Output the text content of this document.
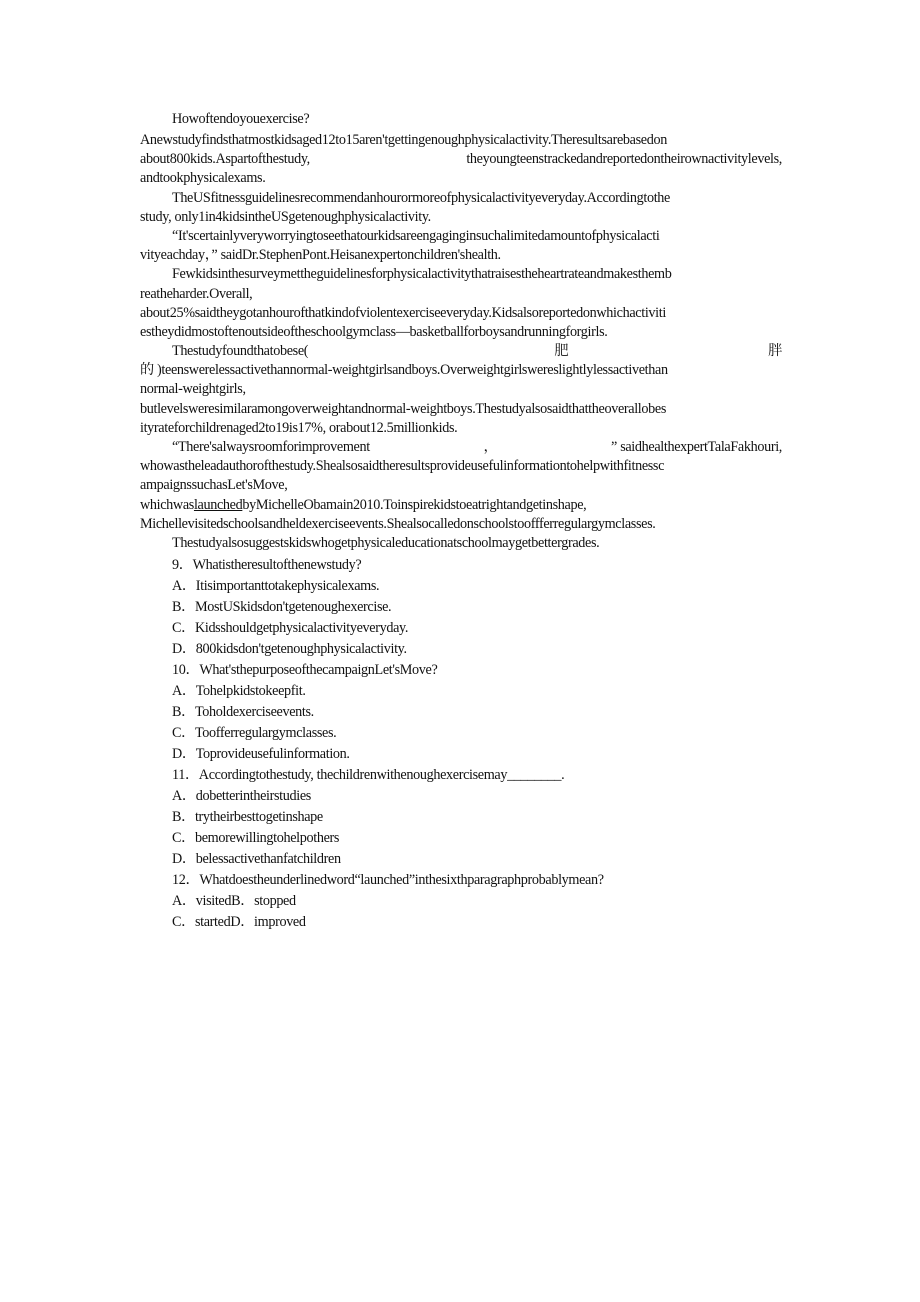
Howoftendoyouexercise?
Anewstudyfindsthatmostkidsaged12to15aren'tgettingenoughphysicalactivity.Theresultsarebasedon
about800kids.Aspartofthestudy,	theyoungteenstrackedandreportedontheirownactivitylevels,
andtookphysicalexams.
TheUSfitnessguidelinesrecommendanhourormoreofphysicalactivityeveryday.Accordingtothe
study, only1in4kidsintheUSgetenoughphysicalactivity.
“It'scertainlyveryworryingtoseethatourkidsareengaginginsuchalimitedamountofphysicalacti
vityeachday，” saidDr.StephenPont.Heisanexpertonchildren'shealth.
Fewkidsinthesurveymettheguidelinesforphysicalactivitythatraisestheheartrateandmakesthemb
reatheharder.Overall,
about25%saidtheygotanhourofthatkindofviolentexerciseeveryday.Kidsalsoreportedonwhichactiviti
estheydidmostoftenoutsideoftheschoolgymclass—basketballforboysandrunningforgirls.
Thestudyfoundthatobese(	肥	胖
的 )teenswerelessactivethannormal-weightgirlsandboys.Overweightgirlswereslightlylessactivethan
normal-weightgirls,
butlevelsweresimilaramongoverweightandnormal-weightboys.Thestudyalsosaidthattheoverallobes
ityrateforchildrenaged2to19is17%, orabout12.5millionkids.
“There'salwaysroomforimprovement	，	” saidhealthexpertTalaFakhouri,
whowastheleadauthorofthestudy.Shealsosaidtheresultsprovideusefulinformationtohelpwithfitnessc
ampaignssuchasLet'sMove,
whichwaslaunchedbyMichelleObamain2010.Toinspirekidstoeatrightandgetinshape,
Michellevisitedschoolsandheldexerciseevents.Shealsocalledonschoolstooffferregulargymclasses.
Thestudyalsosuggestskidswhogetphysicaleducationatschoolmaygetbettergrades.
9．Whatistheresultofthenewstudy?
A．Itisimportanttotakephysicalexams.
B．MostUSkidsdon'tgetenoughexercise.
C．Kidsshouldgetphysicalactivityeveryday.
D．800kidsdon'tgetenoughphysicalactivity.
10．What'sthepurposeofthecampaignLet'sMove?
A．Tohelpkidstokeepfit.
B．Toholdexerciseevents.
C．Toofferregulargymclasses.
D．Toprovideusefulinformation.
11．Accordingtothestudy, thechildrenwithenoughexercisemay________.
A．dobetterintheirstudies
B．trytheirbesttogetinshape
C．bemorewillingtohelpothers
D．belessactivethanfatchildren
12．Whatdoestheunderlinedword“launched”inthesixthparagraphprobablymean?
A．visitedB．stopped
C．startedD．improved
